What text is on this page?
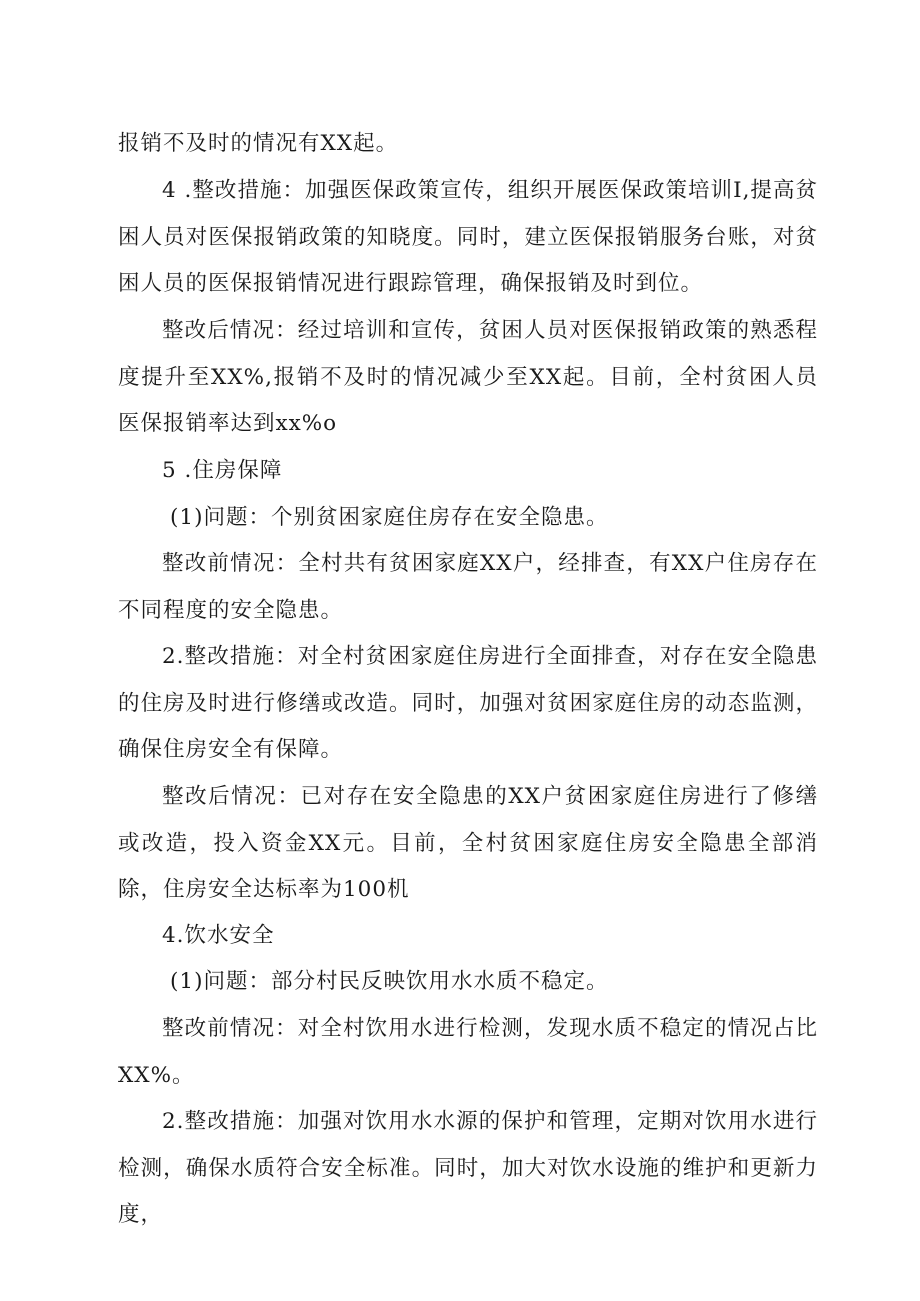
报销不及时的情况有XX起。

4 .整改措施：加强医保政策宣传，组织开展医保政策培训I,提高贫困人员对医保报销政策的知晓度。同时，建立医保报销服务台账，对贫困人员的医保报销情况进行跟踪管理，确保报销及时到位。

整改后情况：经过培训和宣传，贫困人员对医保报销政策的熟悉程度提升至XX%,报销不及时的情况减少至XX起。目前，全村贫困人员医保报销率达到xx%o

5 .住房保障

(1)问题：个别贫困家庭住房存在安全隐患。

整改前情况：全村共有贫困家庭XX户，经排查，有XX户住房存在不同程度的安全隐患。

2.整改措施：对全村贫困家庭住房进行全面排查，对存在安全隐患的住房及时进行修缮或改造。同时，加强对贫困家庭住房的动态监测，确保住房安全有保障。

整改后情况：已对存在安全隐患的XX户贫困家庭住房进行了修缮或改造，投入资金XX元。目前，全村贫困家庭住房安全隐患全部消除，住房安全达标率为100机

4.饮水安全

(1)问题：部分村民反映饮用水水质不稳定。

整改前情况：对全村饮用水进行检测，发现水质不稳定的情况占比XX%。

2.整改措施：加强对饮用水水源的保护和管理，定期对饮用水进行检测，确保水质符合安全标准。同时，加大对饮水设施的维护和更新力度，
